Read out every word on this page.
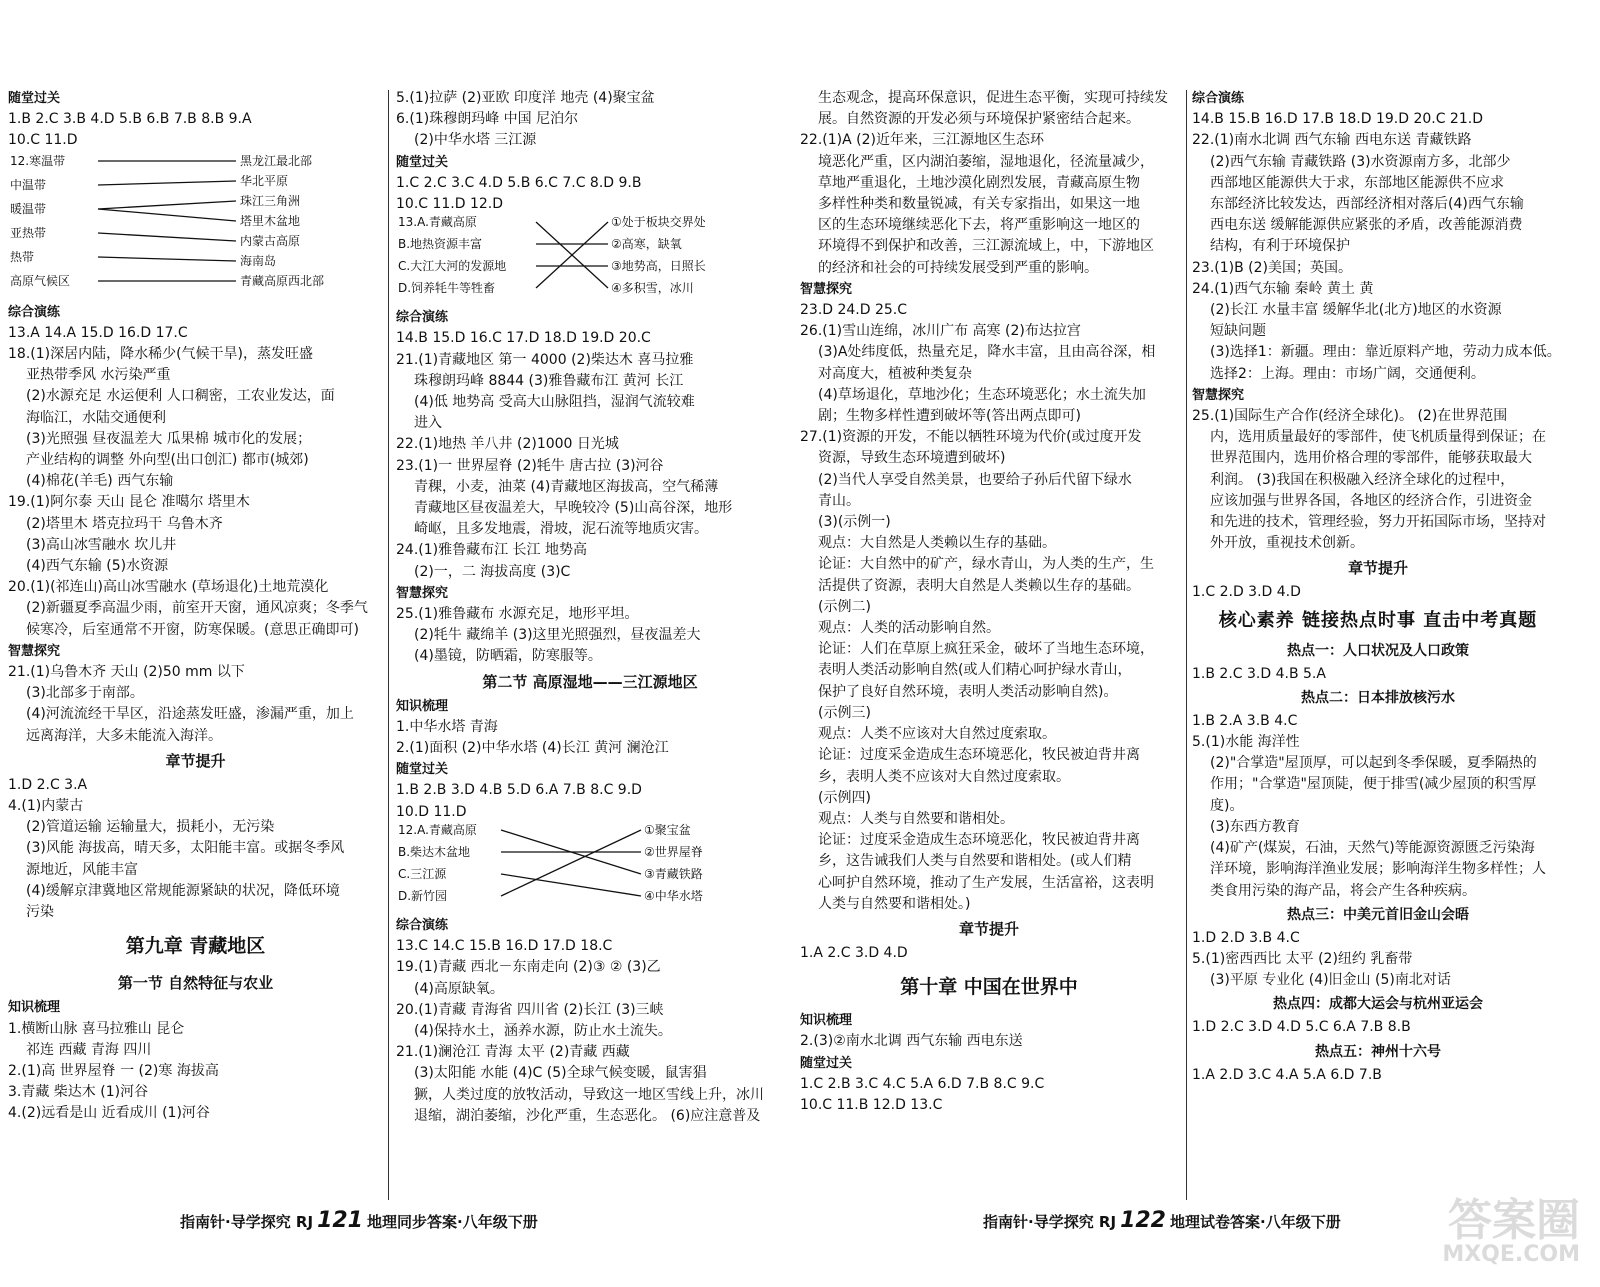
随堂过关
1.B 2.C 3.B 4.D 5.B 6.B 7.B 8.B 9.A
10.C 11.D
12.寒温带
中温带
暖温带
亚热带
热带
高原气候区
黑龙江最北部
华北平原
珠江三角洲
塔里木盆地
内蒙古高原
海南岛
青藏高原西北部
综合演练
13.A 14.A 15.D 16.D 17.C
18.(1)深居内陆，降水稀少(气候干旱)，蒸发旺盛
亚热带季风 水污染严重
(2)水源充足 水运便利 人口稠密，工农业发达，面
海临江，水陆交通便利
(3)光照强 昼夜温差大 瓜果棉 城市化的发展；
产业结构的调整 外向型(出口创汇) 都市(城郊)
(4)棉花(羊毛) 西气东输
19.(1)阿尔泰 天山 昆仑 准噶尔 塔里木
(2)塔里木 塔克拉玛干 乌鲁木齐
(3)高山冰雪融水 坎儿井
(4)西气东输 (5)水资源
20.(1)(祁连山)高山冰雪融水 (草场退化)土地荒漠化
(2)新疆夏季高温少雨，前室开天窗，通风凉爽；冬季气
候寒冷，后室通常不开窗，防寒保暖。(意思正确即可)
智慧探究
21.(1)乌鲁木齐 天山 (2)50 mm 以下
(3)北部多于南部。
(4)河流流经干旱区，沿途蒸发旺盛，渗漏严重，加上
远离海洋，大多未能流入海洋。
章节提升
1.D 2.C 3.A
4.(1)内蒙古
(2)管道运输 运输量大，损耗小，无污染
(3)风能 海拔高，晴天多，太阳能丰富。或据冬季风
源地近，风能丰富
(4)缓解京津冀地区常规能源紧缺的状况，降低环境
污染
第九章 青藏地区
第一节 自然特征与农业
知识梳理
1.横断山脉 喜马拉雅山 昆仑
祁连 西藏 青海 四川
2.(1)高 世界屋脊 一 (2)寒 海拔高
3.青藏 柴达木 (1)河谷
4.(2)远看是山 近看成川 (1)河谷
5.(1)拉萨 (2)亚欧 印度洋 地壳 (4)聚宝盆
6.(1)珠穆朗玛峰 中国 尼泊尔
(2)中华水塔 三江源
随堂过关
1.C 2.C 3.C 4.D 5.B 6.C 7.C 8.D 9.B
10.C 11.D 12.D
13.A.青藏高原
B.地热资源丰富
C.大江大河的发源地
D.饲养牦牛等牲畜
①处于板块交界处
②高寒，缺氧
③地势高，日照长
④多积雪，冰川
综合演练
14.B 15.D 16.C 17.D 18.D 19.D 20.C
21.(1)青藏地区 第一 4000 (2)柴达木 喜马拉雅
珠穆朗玛峰 8844 (3)雅鲁藏布江 黄河 长江
(4)低 地势高 受高大山脉阻挡，湿润气流较难
进入
22.(1)地热 羊八井 (2)1000 日光城
23.(1)一 世界屋脊 (2)牦牛 唐古拉 (3)河谷
青稞，小麦，油菜 (4)青藏地区海拔高，空气稀薄
青藏地区昼夜温差大，早晚较冷 (5)山高谷深，地形
崎岖，且多发地震，滑坡，泥石流等地质灾害。
24.(1)雅鲁藏布江 长江 地势高
(2)一，二 海拔高度 (3)C
智慧探究
25.(1)雅鲁藏布 水源充足，地形平坦。
(2)牦牛 藏绵羊 (3)这里光照强烈，昼夜温差大
(4)墨镜，防晒霜，防寒服等。
第二节 高原湿地——三江源地区
知识梳理
1.中华水塔 青海
2.(1)面积 (2)中华水塔 (4)长江 黄河 澜沧江
随堂过关
1.B 2.B 3.D 4.B 5.D 6.A 7.B 8.C 9.D
10.D 11.D
12.A.青藏高原
B.柴达木盆地
C.三江源
D.新竹园
①聚宝盆
②世界屋脊
③青藏铁路
④中华水塔
综合演练
13.C 14.C 15.B 16.D 17.D 18.C
19.(1)青藏 西北－东南走向 (2)③ ② (3)乙
(4)高原缺氧。
20.(1)青藏 青海省 四川省 (2)长江 (3)三峡
(4)保持水土，涵养水源，防止水土流失。
21.(1)澜沧江 青海 太平 (2)青藏 西藏
(3)太阳能 水能 (4)C (5)全球气候变暖，鼠害猖
獗，人类过度的放牧活动，导致这一地区雪线上升，冰川
退缩，湖泊萎缩，沙化严重，生态恶化。 (6)应注意普及
指南针·导学探究 RJ 121 地理同步答案·八年级下册
生态观念，提高环保意识，促进生态平衡，实现可持续发
展。自然资源的开发必须与环境保护紧密结合起来。
22.(1)A (2)近年来，三江源地区生态环
境恶化严重，区内湖泊萎缩，湿地退化，径流量减少，
草地严重退化，土地沙漠化剧烈发展，青藏高原生物
多样性种类和数量锐减，有关专家指出，如果这一地
区的生态环境继续恶化下去，将严重影响这一地区的
环境得不到保护和改善，三江源流域上，中，下游地区
的经济和社会的可持续发展受到严重的影响。
智慧探究
23.D 24.D 25.C
26.(1)雪山连绵，冰川广布 高寒 (2)布达拉宫
(3)A处纬度低，热量充足，降水丰富，且由高谷深，相
对高度大，植被种类复杂
(4)草场退化，草地沙化；生态环境恶化；水土流失加
剧；生物多样性遭到破坏等(答出两点即可)
27.(1)资源的开发，不能以牺牲环境为代价(或过度开发
资源，导致生态环境遭到破坏)
(2)当代人享受自然美景，也要给子孙后代留下绿水
青山。
(3)(示例一)
观点：大自然是人类赖以生存的基础。
论证：大自然中的矿产，绿水青山，为人类的生产，生
活提供了资源，表明大自然是人类赖以生存的基础。
(示例二)
观点：人类的活动影响自然。
论证：人们在草原上疯狂采金，破坏了当地生态环境，
表明人类活动影响自然(或人们精心呵护绿水青山，
保护了良好自然环境，表明人类活动影响自然)。
(示例三)
观点：人类不应该对大自然过度索取。
论证：过度采金造成生态环境恶化，牧民被迫背井离
乡，表明人类不应该对大自然过度索取。
(示例四)
观点：人类与自然要和谐相处。
论证：过度采金造成生态环境恶化，牧民被迫背井离
乡，这告诫我们人类与自然要和谐相处。(或人们精
心呵护自然环境，推动了生产发展，生活富裕，这表明
人类与自然要和谐相处。)
章节提升
1.A 2.C 3.D 4.D
第十章 中国在世界中
知识梳理
2.(3)②南水北调 西气东输 西电东送
随堂过关
1.C 2.B 3.C 4.C 5.A 6.D 7.B 8.C 9.C
10.C 11.B 12.D 13.C
综合演练
14.B 15.B 16.D 17.B 18.D 19.D 20.C 21.D
22.(1)南水北调 西气东输 西电东送 青藏铁路
(2)西气东输 青藏铁路 (3)水资源南方多，北部少
西部地区能源供大于求，东部地区能源供不应求
东部经济比较发达，西部经济相对落后(4)西气东输
西电东送 缓解能源供应紧张的矛盾，改善能源消费
结构，有利于环境保护
23.(1)B (2)美国；英国。
24.(1)西气东输 秦岭 黄土 黄
(2)长江 水量丰富 缓解华北(北方)地区的水资源
短缺问题
(3)选择1：新疆。理由：靠近原料产地，劳动力成本低。
选择2：上海。理由：市场广阔，交通便利。
智慧探究
25.(1)国际生产合作(经济全球化)。 (2)在世界范围
内，选用质量最好的零部件，使飞机质量得到保证；在
世界范围内，选用价格合理的零部件，能够获取最大
利润。 (3)我国在积极融入经济全球化的过程中，
应该加强与世界各国，各地区的经济合作，引进资金
和先进的技术，管理经验，努力开拓国际市场，坚持对
外开放，重视技术创新。
章节提升
1.C 2.D 3.D 4.D
核心素养 链接热点时事 直击中考真题
热点一：人口状况及人口政策
1.B 2.C 3.D 4.B 5.A
热点二：日本排放核污水
1.B 2.A 3.B 4.C
5.(1)水能 海洋性
(2)"合掌造"屋顶厚，可以起到冬季保暖，夏季隔热的
作用；"合掌造"屋顶陡，便于排雪(减少屋顶的积雪厚
度)。
(3)东西方教育
(4)矿产(煤炭，石油，天然气)等能源资源匮乏污染海
洋环境，影响海洋渔业发展；影响海洋生物多样性；人
类食用污染的海产品，将会产生各种疾病。
热点三：中美元首旧金山会晤
1.D 2.D 3.B 4.C
5.(1)密西西比 太平 (2)纽约 乳畜带
(3)平原 专业化 (4)旧金山 (5)南北对话
热点四：成都大运会与杭州亚运会
1.D 2.C 3.D 4.D 5.C 6.A 7.B 8.B
热点五：神州十六号
1.A 2.D 3.C 4.A 5.A 6.D 7.B
指南针·导学探究 RJ 122 地理试卷答案·八年级下册 答案圈
MXQE.COM
